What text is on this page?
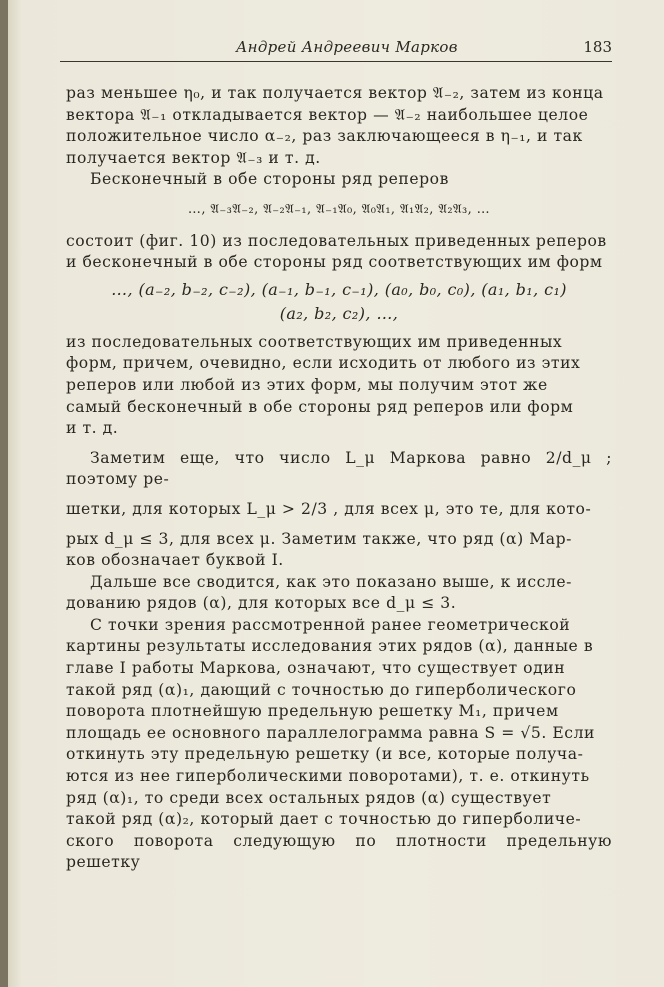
Андрей Андреевич Марков	183
раз меньшее η₀, и так получается вектор 𝔄₋₂, затем из конца
вектора 𝔄₋₁ откладывается вектор — 𝔄₋₂ наибольшее целое
положительное число α₋₂, раз заключающееся в η₋₁, и так
получается вектор 𝔄₋₃ и т. д.
Бесконечный в обе стороны ряд реперов
…, 𝔄₋₃𝔄₋₂, 𝔄₋₂𝔄₋₁, 𝔄₋₁𝔄₀, 𝔄₀𝔄₁, 𝔄₁𝔄₂, 𝔄₂𝔄₃, …
состоит (фиг. 10) из последовательных приведенных реперов
и бесконечный в обе стороны ряд соответствующих им форм
…, (a₋₂, b₋₂, c₋₂), (a₋₁, b₋₁, c₋₁), (a₀, b₀, c₀), (a₁, b₁, c₁)
(a₂, b₂, c₂), …,
из последовательных соответствующих им приведенных
форм, причем, очевидно, если исходить от любого из этих
реперов или любой из этих форм, мы получим этот же
самый бесконечный в обе стороны ряд реперов или форм
и т. д.
Заметим еще, что число L_μ Маркова равно 2/d_μ ; поэтому ре-
шетки, для которых L_μ > 2/3 , для всех μ, это те, для кото-
рых d_μ ≤ 3, для всех μ. Заметим также, что ряд (α) Мар-
ков обозначает буквой I.
Дальше все сводится, как это показано выше, к иссле-
дованию рядов (α), для которых все d_μ ≤ 3.
С точки зрения рассмотренной ранее геометрической
картины результаты исследования этих рядов (α), данные в
главе I работы Маркова, означают, что существует один
такой ряд (α)₁, дающий с точностью до гиперболического
поворота плотнейшую предельную решетку M₁, причем
площадь ее основного параллелограмма равна S = √5. Если
откинуть эту предельную решетку (и все, которые получа-
ются из нее гиперболическими поворотами), т. е. откинуть
ряд (α)₁, то среди всех остальных рядов (α) существует
такой ряд (α)₂, который дает с точностью до гиперболиче-
ского поворота следующую по плотности предельную решетку
